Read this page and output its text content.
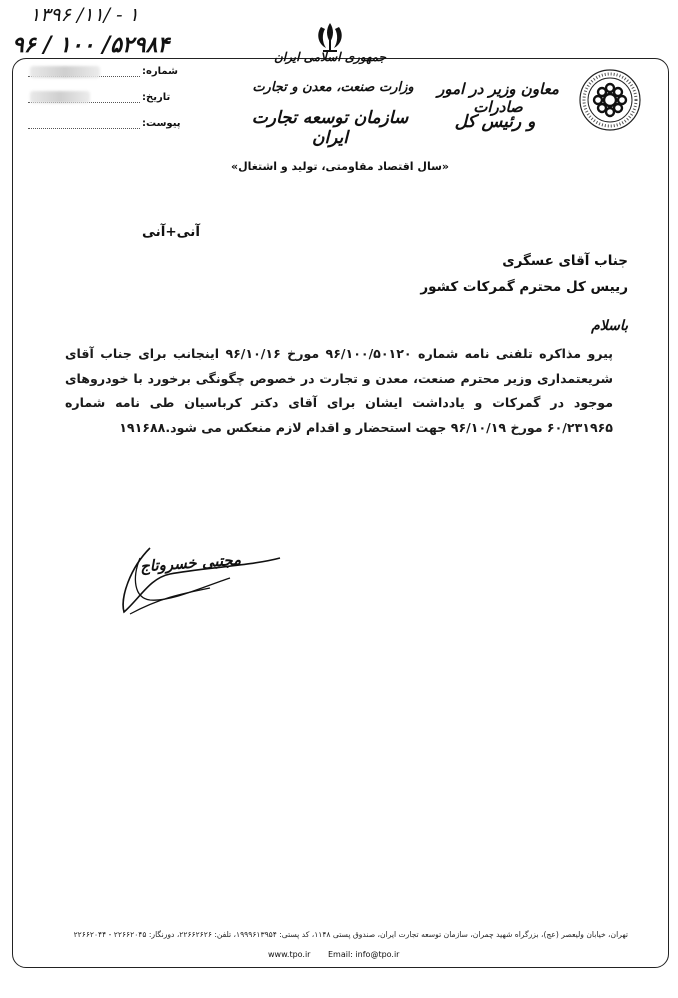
۱۳۹۶ /۱۱/ - ۱
۹۶ / ۱۰۰ /۵۲۹۸۴	جمهوری اسلامی ایران
وزارت صنعت، معدن و تجارت
سازمان توسعه تجارت ایران
معاون وزیر در امور صادرات
و رئیس کل
شماره:
تاریخ:
پیوست:
«سال اقتصاد مقاومتی، تولید و اشتغال»
آنی+آنی
جناب آقای عسگری
رییس کل محترم گمرکات کشور
باسلام
پیرو مذاکره تلفنی نامه شماره ۹۶/۱۰۰/۵۰۱۲۰ مورخ ۹۶/۱۰/۱۶ اینجانب برای جناب آقای شریعتمداری وزیر محترم صنعت، معدن و تجارت در خصوص چگونگی برخورد با خودروهای موجود در گمرکات و یادداشت ایشان برای آقای دکتر کرباسیان طی نامه شماره ۶۰/۲۳۱۹۶۵ مورخ ۹۶/۱۰/۱۹ جهت استحضار و اقدام لازم منعکس می شود.۱۹۱۶۸۸
مجتبی خسروتاج
تهران، خیابان ولیعصر (عج)، بزرگراه شهید چمران، سازمان توسعه تجارت ایران، صندوق پستی ۱۱۴۸، کد پستی: ۱۹۹۹۶۱۳۹۵۴، تلفن: ۲۲۶۶۲۶۲۶، دورنگار: ۲۲۶۶۲۰۴۵ - ۲۲۶۶۲۰۴۴
www.tpo.ir Email: info@tpo.ir
